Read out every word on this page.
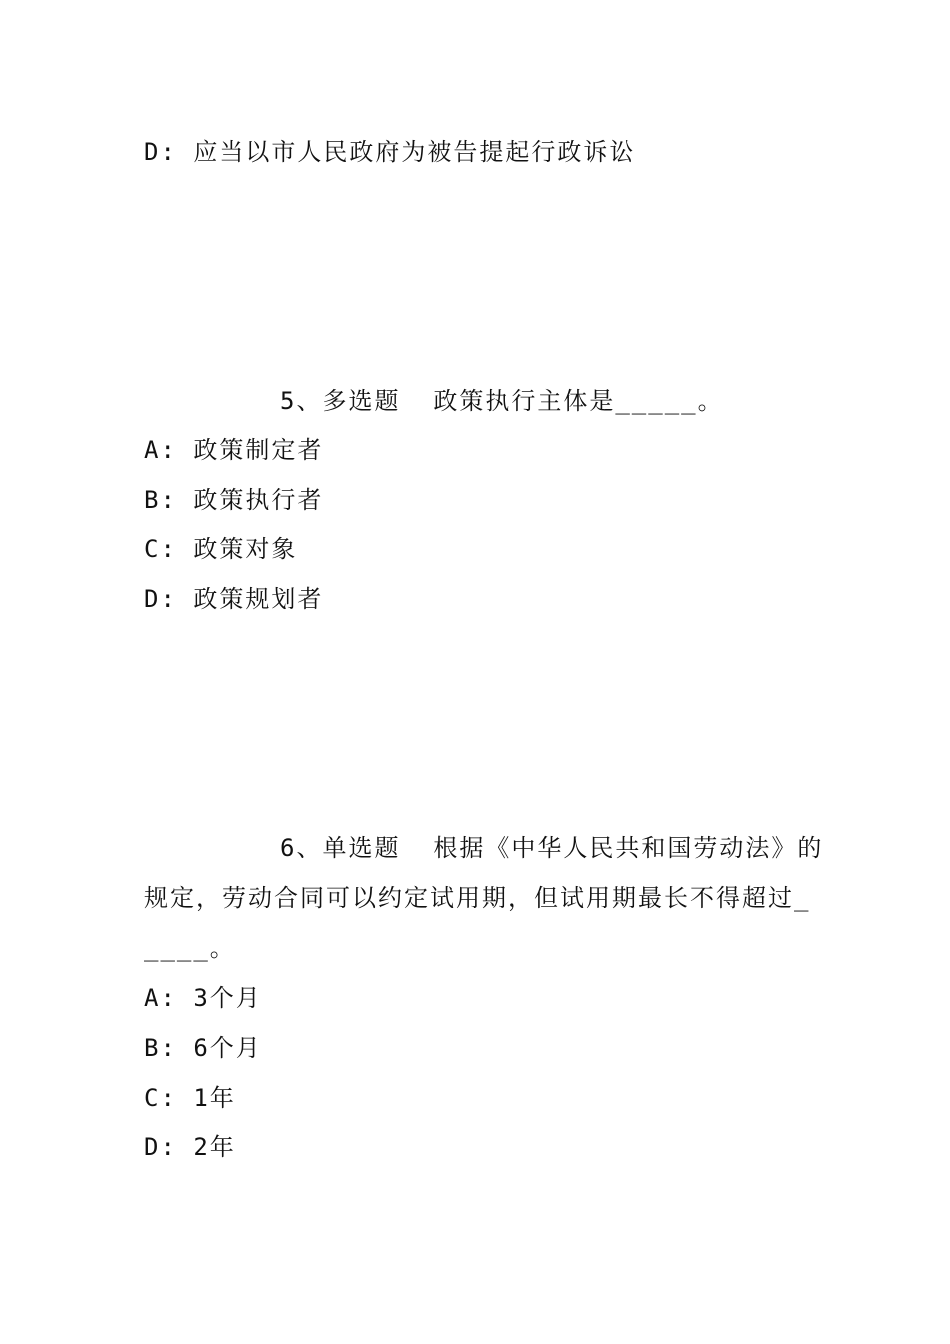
D: 应当以市人民政府为被告提起行政诉讼
5、多选题  政策执行主体是_____。
A: 政策制定者
B: 政策执行者
C: 政策对象
D: 政策规划者
6、单选题  根据《中华人民共和国劳动法》的
规定，劳动合同可以约定试用期，但试用期最长不得超过_
____。
A: 3个月
B: 6个月
C: 1年
D: 2年
